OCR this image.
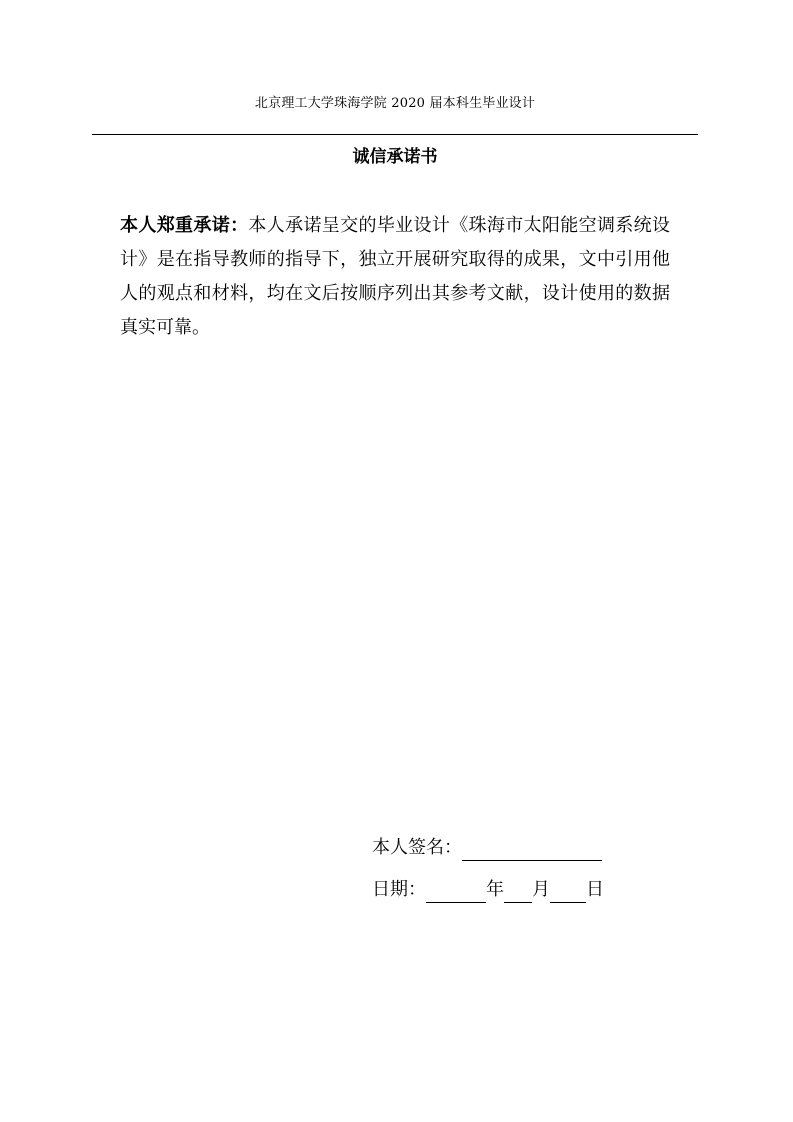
北京理工大学珠海学院 2020 届本科生毕业设计
诚信承诺书
本人郑重承诺：本人承诺呈交的毕业设计《珠海市太阳能空调系统设计》是在指导教师的指导下，独立开展研究取得的成果，文中引用他人的观点和材料，均在文后按顺序列出其参考文献，设计使用的数据真实可靠。
本人签名：
日期：	年 月 日
